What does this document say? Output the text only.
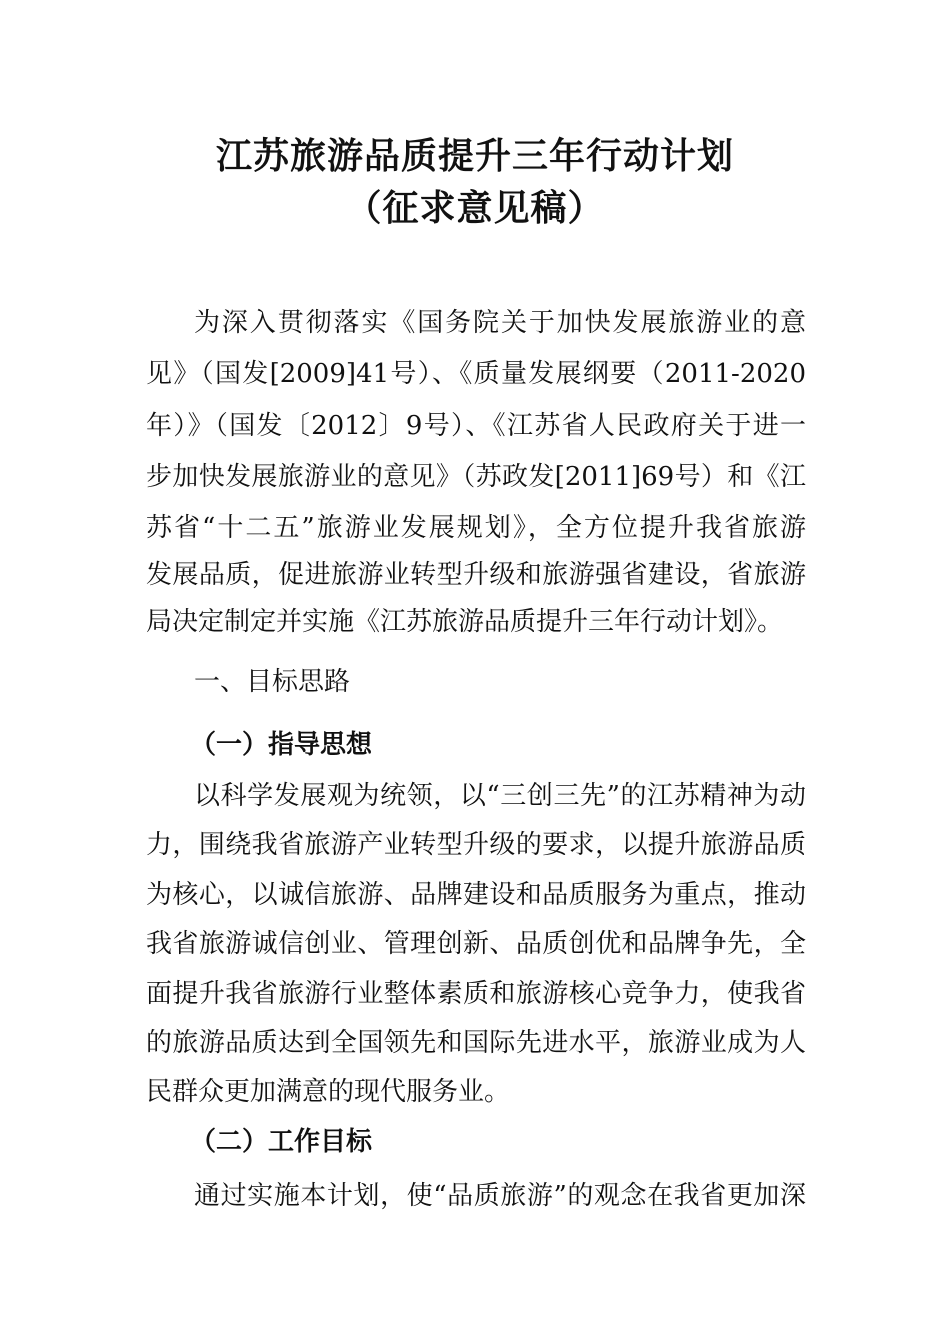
江苏旅游品质提升三年行动计划
（征求意见稿）
为深入贯彻落实《国务院关于加快发展旅游业的意
见》（国发[2009]41号）、《质量发展纲要（2011-2020
年）》（国发〔2012〕9号）、《江苏省人民政府关于进一
步加快发展旅游业的意见》（苏政发[2011]69号）和《江
苏省“十二五”旅游业发展规划》，全方位提升我省旅游
发展品质，促进旅游业转型升级和旅游强省建设，省旅游
局决定制定并实施《江苏旅游品质提升三年行动计划》。
一、目标思路
（一）指导思想
以科学发展观为统领，以“三创三先”的江苏精神为动
力，围绕我省旅游产业转型升级的要求，以提升旅游品质
为核心，以诚信旅游、品牌建设和品质服务为重点，推动
我省旅游诚信创业、管理创新、品质创优和品牌争先，全
面提升我省旅游行业整体素质和旅游核心竞争力，使我省
的旅游品质达到全国领先和国际先进水平，旅游业成为人
民群众更加满意的现代服务业。
（二）工作目标
通过实施本计划，使“品质旅游”的观念在我省更加深
